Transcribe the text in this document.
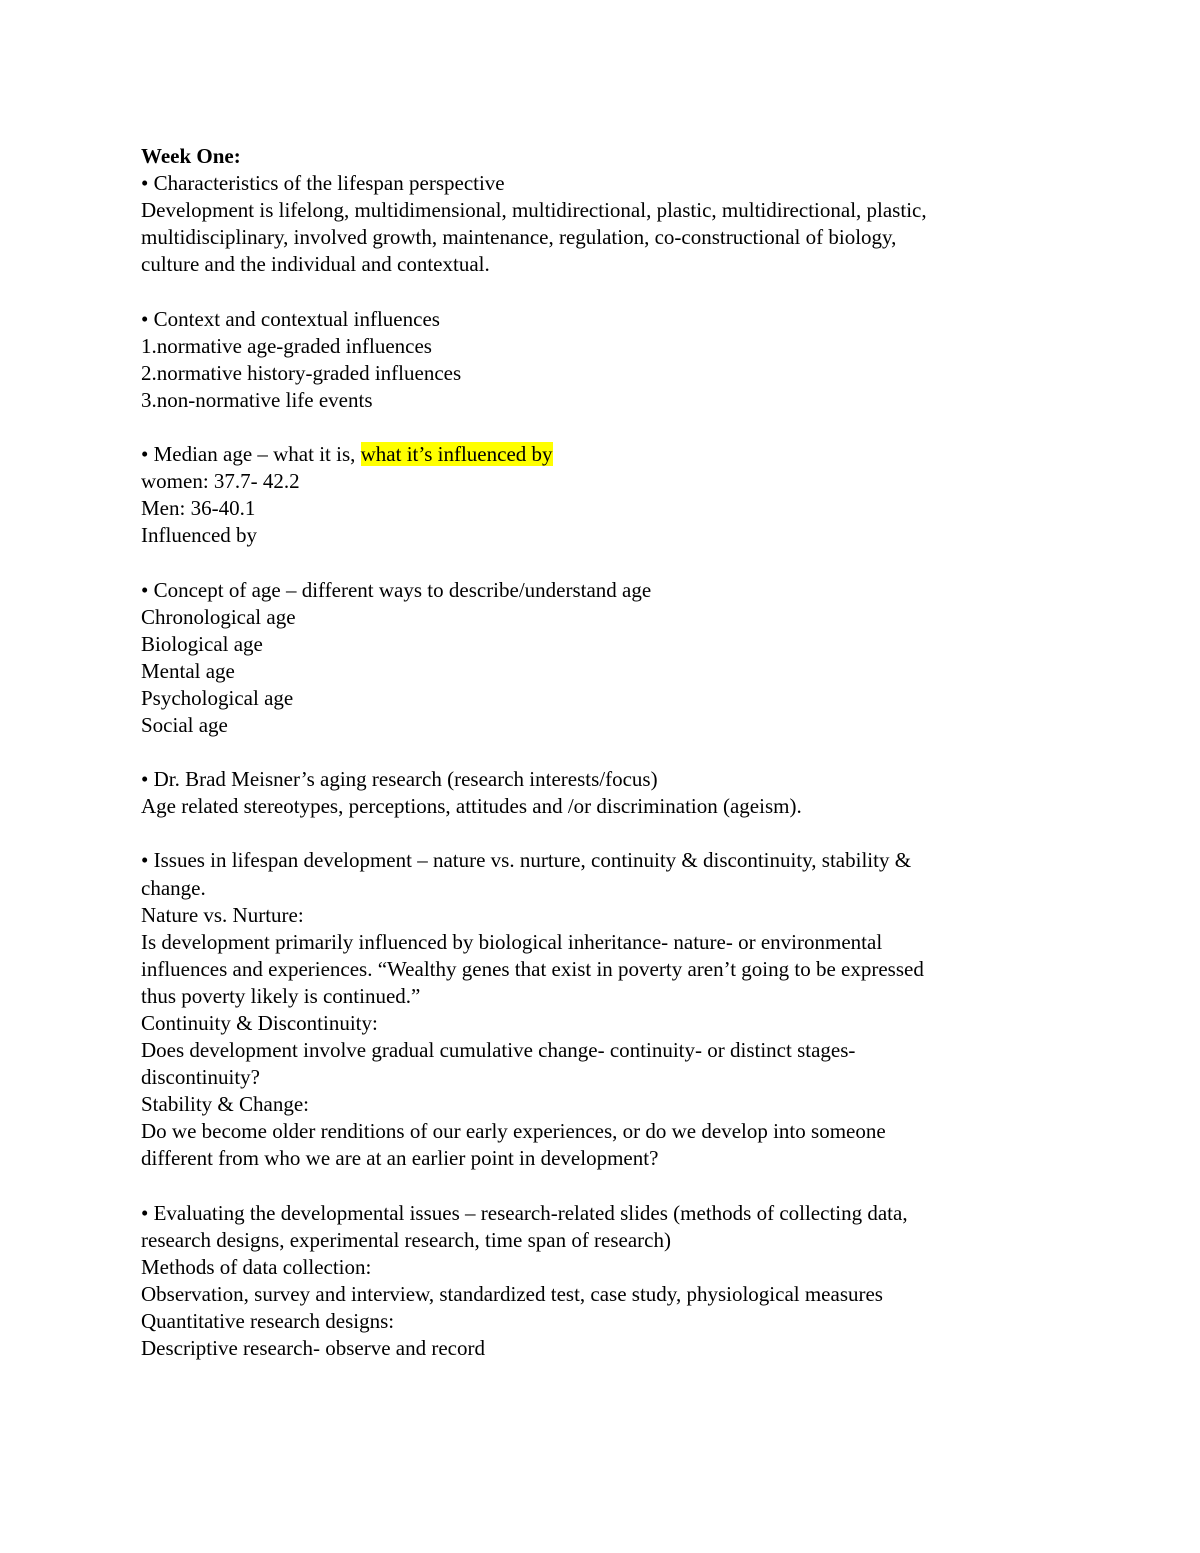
Week One:

• Characteristics of the lifespan perspective

Development is lifelong, multidimensional, multidirectional, plastic, multidirectional, plastic,

multidisciplinary, involved growth, maintenance, regulation, co-constructional of biology,

culture and the individual and contextual.

• Context and contextual influences

1.normative age-graded influences

2.normative history-graded influences

3.non-normative life events

• Median age – what it is, what it’s influenced by

women: 37.7- 42.2

Men: 36-40.1

Influenced by

• Concept of age – different ways to describe/understand age

Chronological age

Biological age

Mental age

Psychological age

Social age

• Dr. Brad Meisner’s aging research (research interests/focus)

Age related stereotypes, perceptions, attitudes and /or discrimination (ageism).

• Issues in lifespan development – nature vs. nurture, continuity & discontinuity, stability &

change.

Nature vs. Nurture:

Is development primarily influenced by biological inheritance- nature- or environmental

influences and experiences. “Wealthy genes that exist in poverty aren’t going to be expressed

thus poverty likely is continued.”

Continuity & Discontinuity:

Does development involve gradual cumulative change- continuity- or distinct stages-

discontinuity?

Stability & Change:

Do we become older renditions of our early experiences, or do we develop into someone

different from who we are at an earlier point in development?

• Evaluating the developmental issues – research-related slides (methods of collecting data,

research designs, experimental research, time span of research)

Methods of data collection:

Observation, survey and interview, standardized test, case study, physiological measures

Quantitative research designs:

Descriptive research- observe and record
